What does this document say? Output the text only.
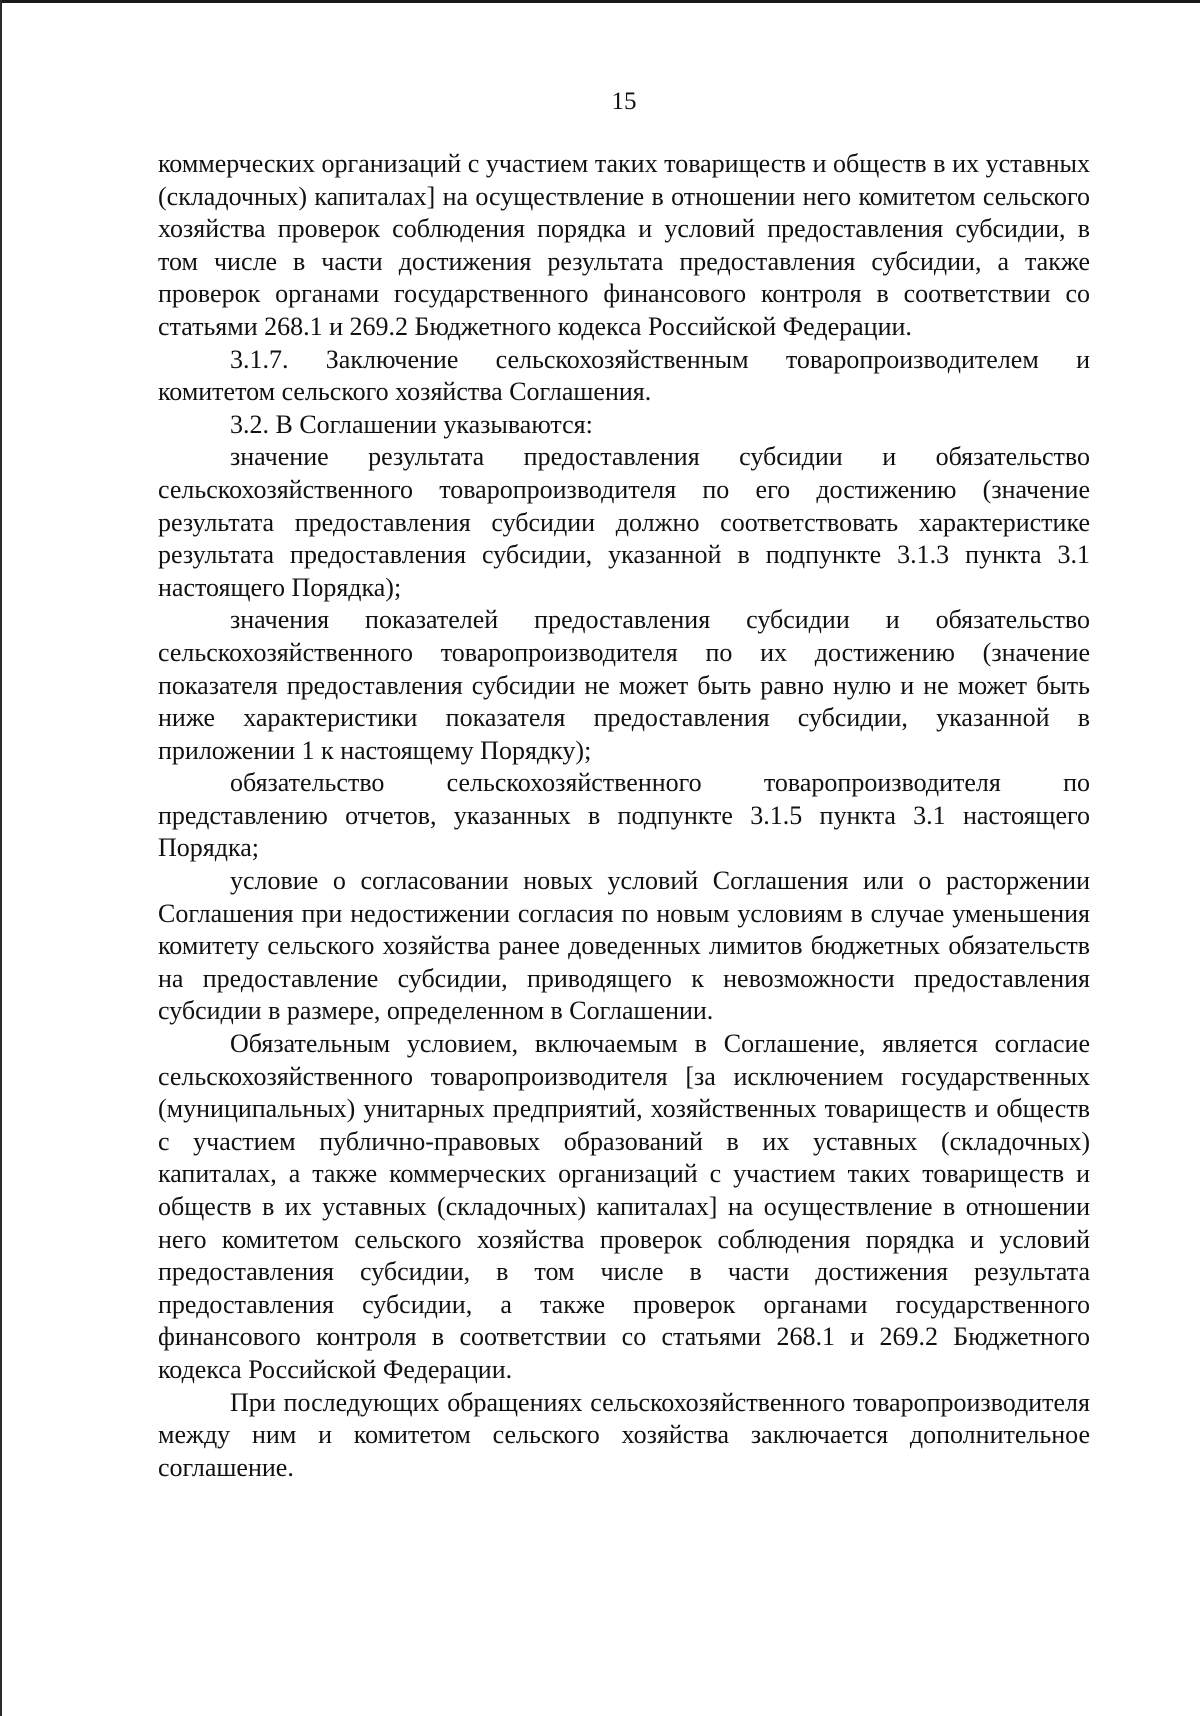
15

коммерческих организаций с участием таких товариществ и обществ в их уставных (складочных) капиталах] на осуществление в отношении него комитетом сельского хозяйства проверок соблюдения порядка и условий предоставления субсидии, в том числе в части достижения результата предоставления субсидии, а также проверок органами государственного финансового контроля в соответствии со статьями 268.1 и 269.2 Бюджетного кодекса Российской Федерации.

3.1.7. Заключение сельскохозяйственным товаропроизводителем и комитетом сельского хозяйства Соглашения.

3.2. В Соглашении указываются:

значение результата предоставления субсидии и обязательство сельскохозяйственного товаропроизводителя по его достижению (значение результата предоставления субсидии должно соответствовать характеристике результата предоставления субсидии, указанной в подпункте 3.1.3 пункта 3.1 настоящего Порядка);

значения показателей предоставления субсидии и обязательство сельскохозяйственного товаропроизводителя по их достижению (значение показателя предоставления субсидии не может быть равно нулю и не может быть ниже характеристики показателя предоставления субсидии, указанной в приложении 1 к настоящему Порядку);

обязательство сельскохозяйственного товаропроизводителя по представлению отчетов, указанных в подпункте 3.1.5 пункта 3.1 настоящего Порядка;

условие о согласовании новых условий Соглашения или о расторжении Соглашения при недостижении согласия по новым условиям в случае уменьшения комитету сельского хозяйства ранее доведенных лимитов бюджетных обязательств на предоставление субсидии, приводящего к невозможности предоставления субсидии в размере, определенном в Соглашении.

Обязательным условием, включаемым в Соглашение, является согласие сельскохозяйственного товаропроизводителя [за исключением государственных (муниципальных) унитарных предприятий, хозяйственных товариществ и обществ с участием публично-правовых образований в их уставных (складочных) капиталах, а также коммерческих организаций с участием таких товариществ и обществ в их уставных (складочных) капиталах] на осуществление в отношении него комитетом сельского хозяйства проверок соблюдения порядка и условий предоставления субсидии, в том числе в части достижения результата предоставления субсидии, а также проверок органами государственного финансового контроля в соответствии со статьями 268.1 и 269.2 Бюджетного кодекса Российской Федерации.

При последующих обращениях сельскохозяйственного товаропроизводителя между ним и комитетом сельского хозяйства заключается дополнительное соглашение.
